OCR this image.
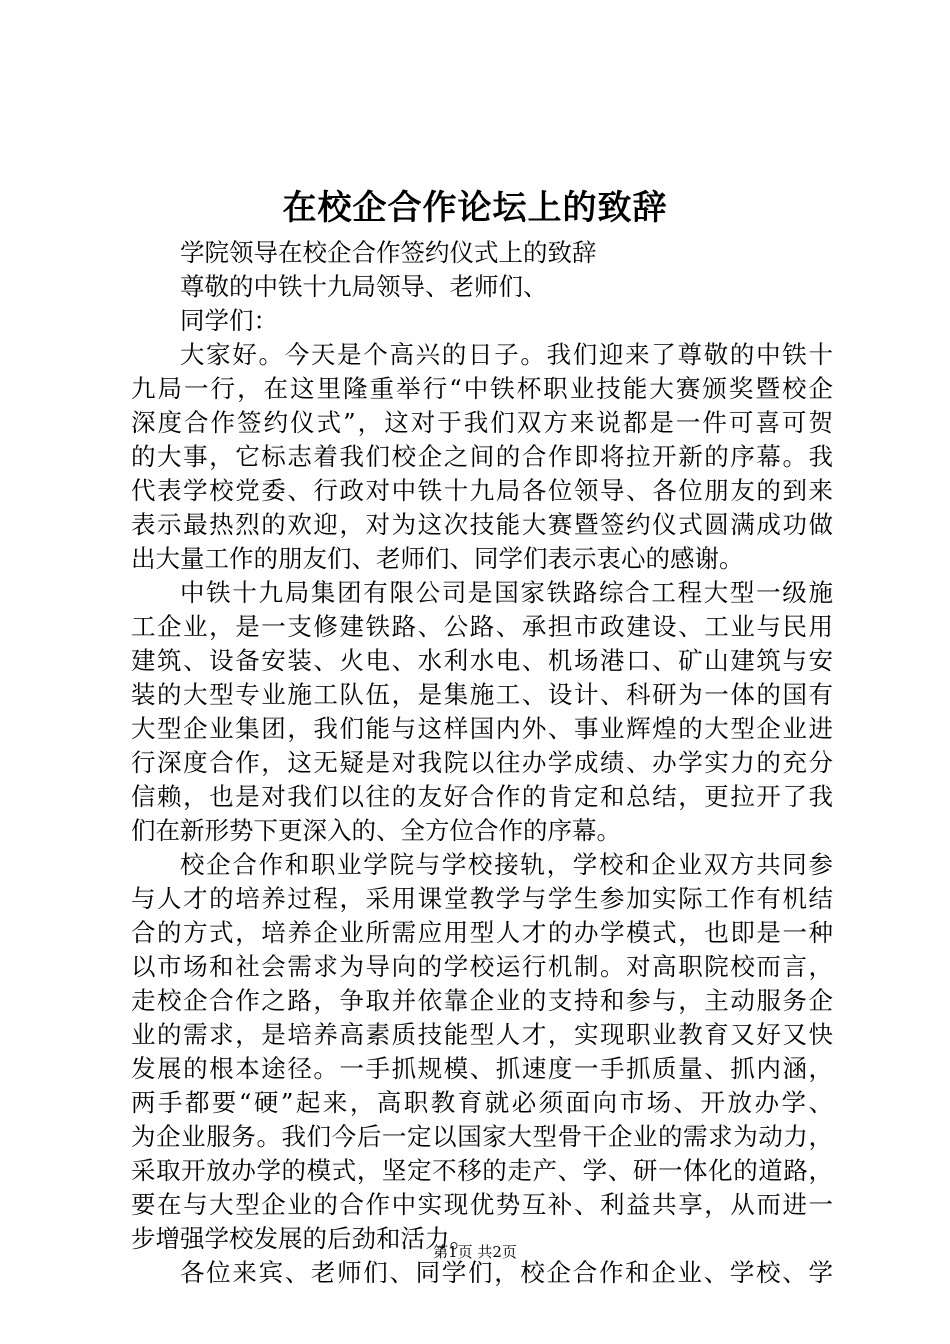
在校企合作论坛上的致辞
学院领导在校企合作签约仪式上的致辞
尊敬的中铁十九局领导、老师们、
同学们：
大家好。今天是个高兴的日子。我们迎来了尊敬的中铁十
九局一行，在这里隆重举行“中铁杯职业技能大赛颁奖暨校企
深度合作签约仪式”，这对于我们双方来说都是一件可喜可贺
的大事，它标志着我们校企之间的合作即将拉开新的序幕。我
代表学校党委、行政对中铁十九局各位领导、各位朋友的到来
表示最热烈的欢迎，对为这次技能大赛暨签约仪式圆满成功做
出大量工作的朋友们、老师们、同学们表示衷心的感谢。
中铁十九局集团有限公司是国家铁路综合工程大型一级施
工企业，是一支修建铁路、公路、承担市政建设、工业与民用
建筑、设备安装、火电、水利水电、机场港口、矿山建筑与安
装的大型专业施工队伍，是集施工、设计、科研为一体的国有
大型企业集团，我们能与这样国内外、事业辉煌的大型企业进
行深度合作，这无疑是对我院以往办学成绩、办学实力的充分
信赖，也是对我们以往的友好合作的肯定和总结，更拉开了我
们在新形势下更深入的、全方位合作的序幕。
校企合作和职业学院与学校接轨，学校和企业双方共同参
与人才的培养过程，采用课堂教学与学生参加实际工作有机结
合的方式，培养企业所需应用型人才的办学模式，也即是一种
以市场和社会需求为导向的学校运行机制。对高职院校而言，
走校企合作之路，争取并依靠企业的支持和参与，主动服务企
业的需求，是培养高素质技能型人才，实现职业教育又好又快
发展的根本途径。一手抓规模、抓速度一手抓质量、抓内涵，
两手都要“硬”起来，高职教育就必须面向市场、开放办学、
为企业服务。我们今后一定以国家大型骨干企业的需求为动力，
采取开放办学的模式，坚定不移的走产、学、研一体化的道路，
要在与大型企业的合作中实现优势互补、利益共享，从而进一
步增强学校发展的后劲和活力。
各位来宾、老师们、同学们，校企合作和企业、学校、学
第1页 共2页
